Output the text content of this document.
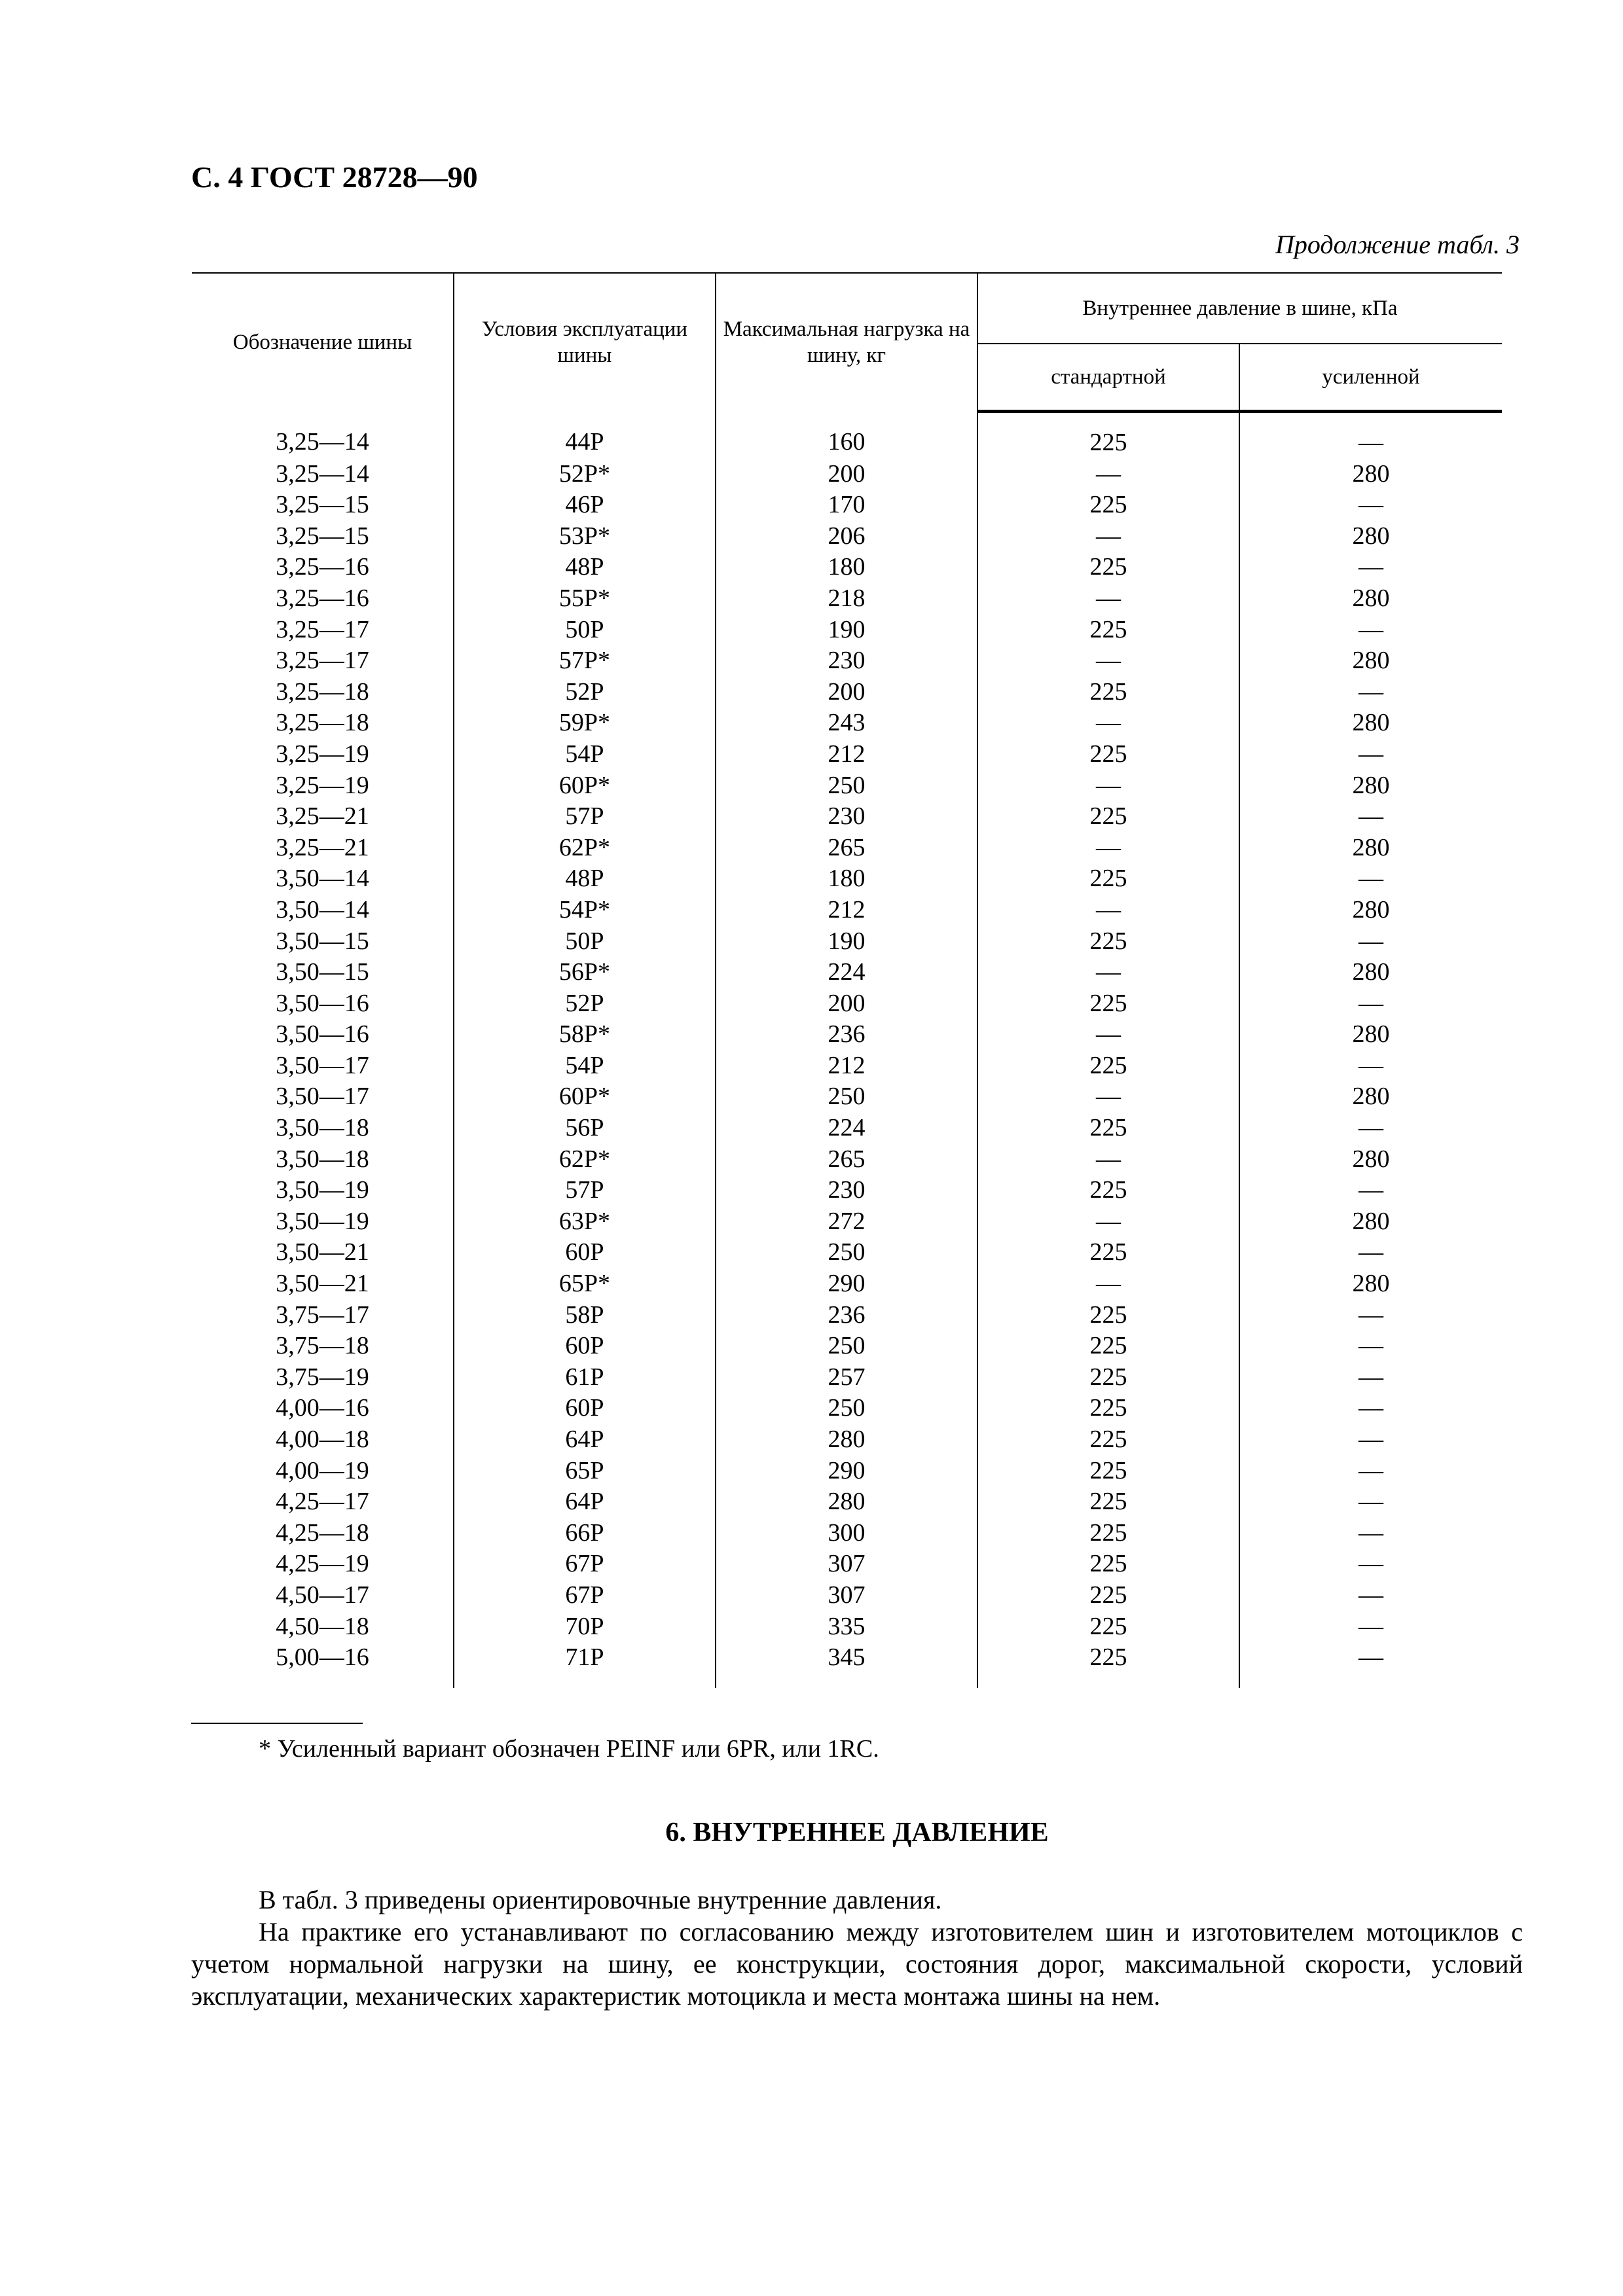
С. 4 ГОСТ 28728—90
Продолжение табл. 3
Обозначение шины	Условия эксплуатации шины	Максимальная нагрузка на шину, кг	Внутреннее давление в шине, кПа	
			стандартной	усиленной
3,25—14	44Р	160	225	—
3,25—14	52Р*	200	—	280
3,25—15	46Р	170	225	—
3,25—15	53Р*	206	—	280
3,25—16	48Р	180	225	—
3,25—16	55Р*	218	—	280
3,25—17	50Р	190	225	—
3,25—17	57Р*	230	—	280
3,25—18	52Р	200	225	—
3,25—18	59Р*	243	—	280
3,25—19	54Р	212	225	—
3,25—19	60Р*	250	—	280
3,25—21	57Р	230	225	—
3,25—21	62Р*	265	—	280
3,50—14	48Р	180	225	—
3,50—14	54Р*	212	—	280
3,50—15	50Р	190	225	—
3,50—15	56Р*	224	—	280
3,50—16	52Р	200	225	—
3,50—16	58Р*	236	—	280
3,50—17	54Р	212	225	—
3,50—17	60Р*	250	—	280
3,50—18	56Р	224	225	—
3,50—18	62Р*	265	—	280
3,50—19	57Р	230	225	—
3,50—19	63Р*	272	—	280
3,50—21	60Р	250	225	—
3,50—21	65Р*	290	—	280
3,75—17	58Р	236	225	—
3,75—18	60Р	250	225	—
3,75—19	61Р	257	225	—
4,00—16	60Р	250	225	—
4,00—18	64Р	280	225	—
4,00—19	65Р	290	225	—
4,25—17	64Р	280	225	—
4,25—18	66Р	300	225	—
4,25—19	67Р	307	225	—
4,50—17	67Р	307	225	—
4,50—18	70Р	335	225	—
5,00—16	71Р	345	225	—
* Усиленный вариант обозначен PEINF или 6PR, или 1RC.
6. ВНУТРЕННЕЕ ДАВЛЕНИЕ

В табл. 3 приведены ориентировочные внутренние давления.

На практике его устанавливают по согласованию между изготовителем шин и изготовителем мотоциклов с учетом нормальной нагрузки на шину, ее конструкции, состояния дорог, максимальной скорости, условий эксплуатации, механических характеристик мотоцикла и места монтажа шины на нем.
